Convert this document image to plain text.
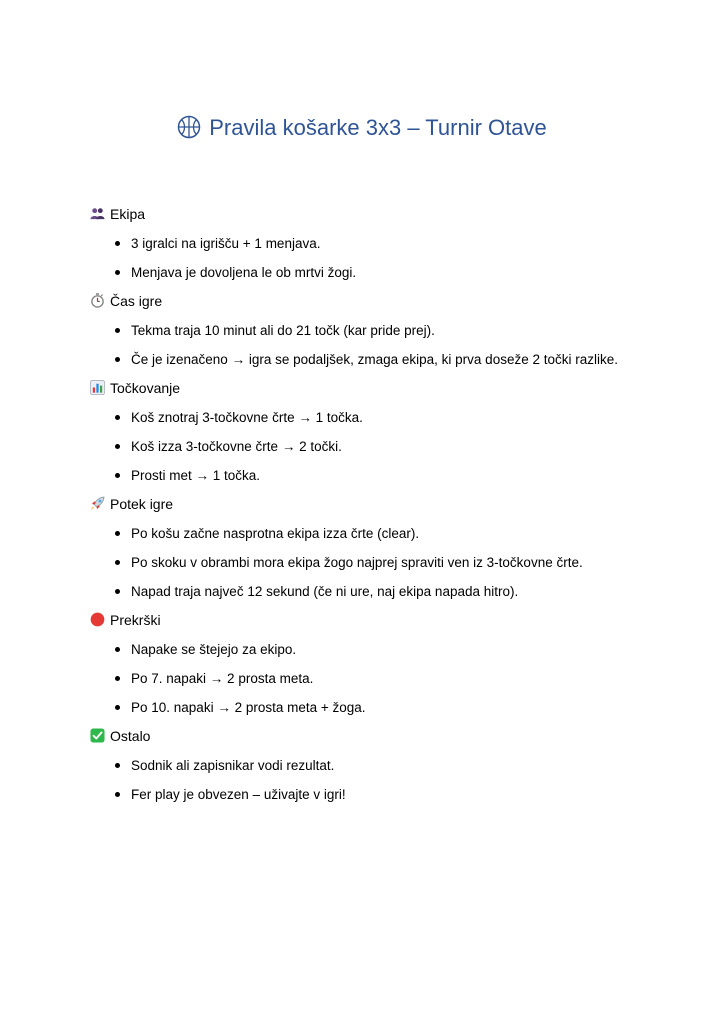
Pravila košarke 3x3 – Turnir Otave
Ekipa
3 igralci na igrišču + 1 menjava.
Menjava je dovoljena le ob mrtvi žogi.
Čas igre
Tekma traja 10 minut ali do 21 točk (kar pride prej).
Če je izenačeno → igra se podaljšek, zmaga ekipa, ki prva doseže 2 točki razlike.
Točkovanje
Koš znotraj 3-točkovne črte → 1 točka.
Koš izza 3-točkovne črte → 2 točki.
Prosti met → 1 točka.
Potek igre
Po košu začne nasprotna ekipa izza črte (clear).
Po skoku v obrambi mora ekipa žogo najprej spraviti ven iz 3-točkovne črte.
Napad traja največ 12 sekund (če ni ure, naj ekipa napada hitro).
Prekrški
Napake se štejejo za ekipo.
Po 7. napaki → 2 prosta meta.
Po 10. napaki → 2 prosta meta + žoga.
Ostalo
Sodnik ali zapisnikar vodi rezultat.
Fer play je obvezen – uživajte v igri!
